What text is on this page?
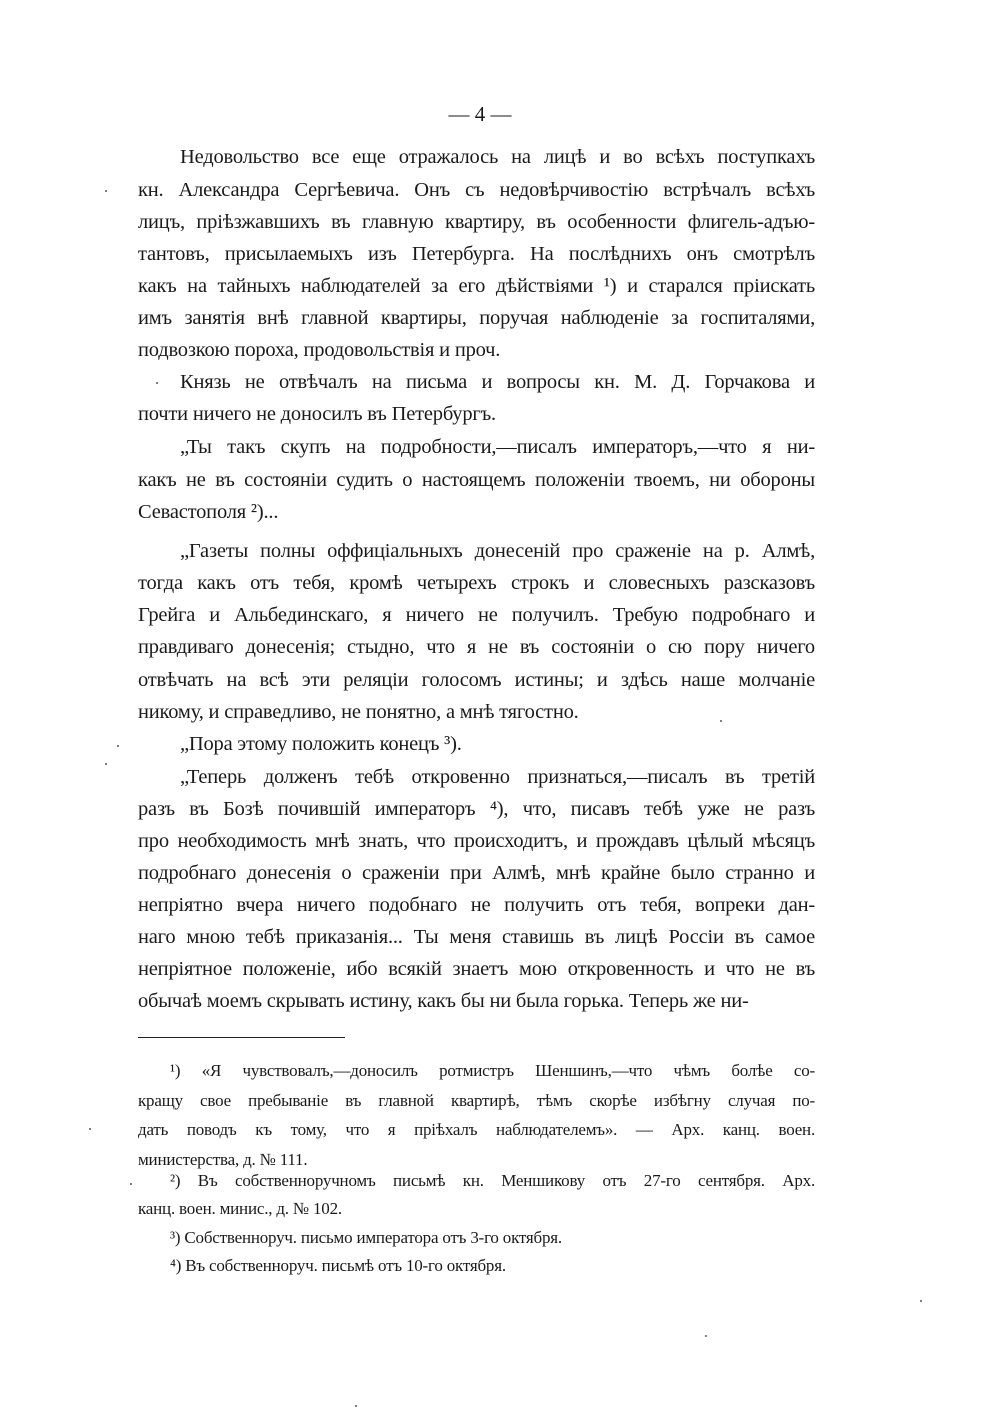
— 4 —
Недовольство все еще отражалось на лицѣ и во всѣхъ поступкахъ
кн. Александра Сергѣевича. Онъ съ недовѣрчивостію встрѣчалъ всѣхъ
лицъ, пріѣзжавшихъ въ главную квартиру, въ особенности флигель-адъю-
тантовъ, присылаемыхъ изъ Петербурга. На послѣднихъ онъ смотрѣлъ
какъ на тайныхъ наблюдателей за его дѣйствіями ¹) и старался пріискать
имъ занятія внѣ главной квартиры, поручая наблюденіе за госпиталями,
подвозкою пороха, продовольствія и проч.
Князь не отвѣчалъ на письма и вопросы кн. М. Д. Горчакова и
почти ничего не доносилъ въ Петербургъ.
„Ты такъ скупъ на подробности,—писалъ императоръ,—что я ни-
какъ не въ состояніи судить о настоящемъ положеніи твоемъ, ни обороны
Севастополя ²)...
„Газеты полны оффиціальныхъ донесеній про сраженіе на р. Алмѣ,
тогда какъ отъ тебя, кромѣ четырехъ строкъ и словесныхъ разсказовъ
Грейга и Альбединскаго, я ничего не получилъ. Требую подробнаго и
правдиваго донесенія; стыдно, что я не въ состояніи о сю пору ничего
отвѣчать на всѣ эти реляціи голосомъ истины; и здѣсь наше молчаніе
никому, и справедливо, не понятно, а мнѣ тягостно.
„Пора этому положить конецъ ³).
„Теперь долженъ тебѣ откровенно признаться,—писалъ въ третій
разъ въ Бозѣ почившій императоръ ⁴), что, писавъ тебѣ уже не разъ
про необходимость мнѣ знать, что происходитъ, и прождавъ цѣлый мѣсяцъ
подробнаго донесенія о сраженіи при Алмѣ, мнѣ крайне было странно и
непріятно вчера ничего подобнаго не получить отъ тебя, вопреки дан-
наго мною тебѣ приказанія... Ты меня ставишь въ лицѣ Россіи въ самое
непріятное положеніе, ибо всякій знаетъ мою откровенность и что не въ
обычаѣ моемъ скрывать истину, какъ бы ни была горька. Теперь же ни-
¹) «Я чувствовалъ,—доносилъ ротмистръ Шеншинъ,—что чѣмъ болѣе со-
кращу свое пребываніе въ главной квартирѣ, тѣмъ скорѣе избѣгну случая по-
дать поводъ къ тому, что я пріѣхалъ наблюдателемъ». — Арх. канц. воен.
министерства, д. № 111.
²) Въ собственноручномъ письмѣ кн. Меншикову отъ 27-го сентября. Арх.
канц. воен. минис., д. № 102.
³) Собственноруч. письмо императора отъ 3-го октября.
⁴) Въ собственноруч. письмѣ отъ 10-го октября.
